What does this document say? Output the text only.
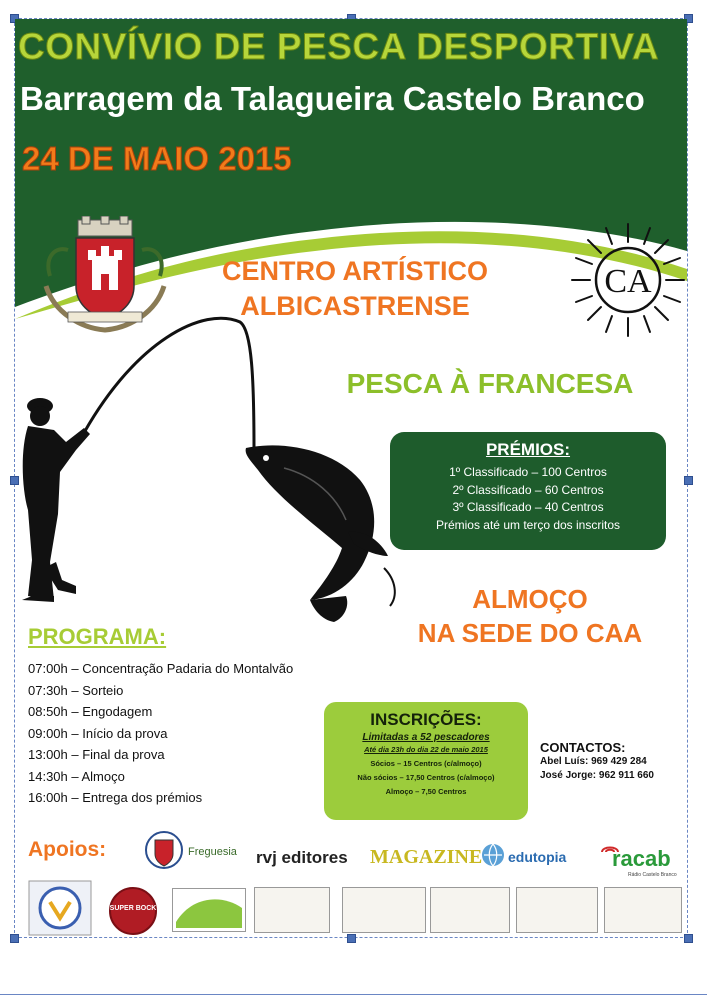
CONVÍVIO DE PESCA DESPORTIVA
Barragem da Talagueira Castelo Branco
24 DE MAIO 2015
CENTRO ARTÍSTICO
ALBICASTRENSE
CA
PESCA À FRANCESA
PRÉMIOS:
1º Classificado – 100 Centros
2º Classificado – 60 Centros
3º Classificado – 40 Centros
Prémios até um terço dos inscritos
ALMOÇO
NA SEDE DO CAA
PROGRAMA:
07:00h – Concentração Padaria do Montalvão
07:30h – Sorteio
08:50h – Engodagem
09:00h – Início da prova
13:00h – Final da prova
14:30h – Almoço
16:00h – Entrega dos prémios
INSCRIÇÕES:
Limitadas a 52 pescadores
Até dia 23h do dia 22 de maio 2015
Sócios – 15 Centros (c/almoço)
Não sócios – 17,50 Centros (c/almoço)
Almoço – 7,50 Centros
CONTACTOS:
Abel Luís: 969 429 284
José Jorge: 962 911 660
Apoios:	Freguesia rvj editores MAGAZINE edutopia racab
Rádio Castelo Branco
SUPER BOCK
